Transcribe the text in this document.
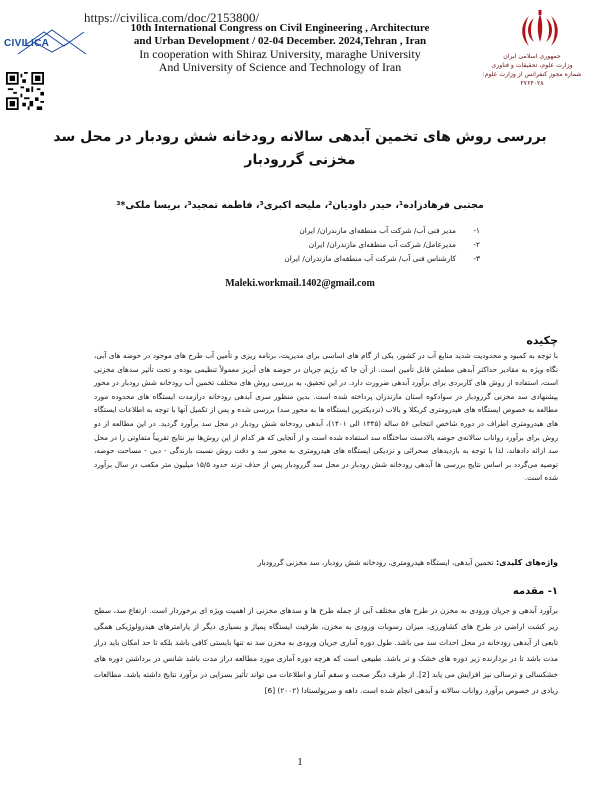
https://civilica.com/doc/2153800/
CIVILICA
10th International Congress on Civil Engineering , Architecture
and Urban Development / 02-04 December. 2024,Tehran , Iran
In cooperation with Shiraz University, maraghe University
And University of Science and Technology of Iran
جمهوری اسلامی ایران
وزارت علوم، تحقیقات و فناوری
شماره مجوز کنفرانس از وزارت علوم: ۲۷۶۴۰۲۸
بررسی روش های تخمین آبدهی سالانه رودخانه شش رودبار در محل سد مخزنی گررودبار
مجتبی فرهادزاده¹، حیدر داودیان²، ملیحه اکبری³، فاطمه تمجید³، بریسا ملکی*³
۱-
مدیر فنی آب/ شرکت آب منطقه‌ای مازندران/ ایران
۲-
مدیرعامل/ شرکت آب منطقه‌ای مازندران/ ایران
۳-
کارشناس فنی آب/ شرکت آب منطقه‌ای مازندران/ ایران
Maleki.workmail.1402@gmail.com
چکیده
با توجه به کمبود و محدودیت شدید منابع آب در کشور، یکی از گام های اساسی برای مدیریت، برنامه ریزی و تأمین آب طرح های موجود در حوضه های آبی، نگاه ویژه به مقادیر حداکثر آبدهی مطمئن قابل تأمین است. از آن جا که رژیم جریان در حوضه های آبریز معمولاً تنظیمی بوده و تحت تأثیر سدهای مخزنی است، استفاده از روش های کاربردی برای برآورد آبدهی ضرورت دارد. در این تحقیق، به بررسی روش های مختلف تخمین آب رودخانه شش رودبار در محور پیشنهادی سد مخزنی گررودبار در سوادکوه استان مازندران پرداخته شده است. بدین منظور سری آبدهی رودخانه درازمدت ایستگاه های محدوده مورد مطالعه به خصوص ایستگاه های هیدرومتری کربکلا و بالاب (نزدیکترین ایستگاه ها به محور سد) بررسی شده و پس از تکمیل آنها با توجه به اطلاعات ایستگاه های هیدرومتری اطراف در دوره شاخص انتخابی ۵۶ ساله (۱۳۴۵ الی ۱۴۰۱)، آبدهی رودخانه شش رودبار در محل سد برآورد گردید. در این مطالعه از دو روش برای برآورد رواناب سالانه‌ی حوضه بالادست ساختگاه سد استفاده شده است و از آنجایی که هر کدام از این روش‌ها نیز نتایج تقریباً متفاوتی را در محل سد ارائه دادهاند، لذا با توجه به بازدیدهای صحرائی و نزدیکی ایستگاه های هیدرومتری به محور سد و دقت روش نسبت بارندگی - دبی - مساحت حوضه، توصیه می‌گردد بر اساس نتایج بررسی ها آبدهی رودخانه شش رودبار در محل سد گررودبار پس از حذف ترند حدود ۱۵/۵ میلیون متر مکعب در سال برآورد شده است.
واژه‌های کلیدی: تخمین آبدهی، ایستگاه هیدرومتری، رودخانه شش رودبار، سد مخزنی گررودبار
۱- مقدمه
برآورد آبدهی و جریان ورودی به مخزن در طرح های مختلف آبی از جمله طرح ها و سدهای مخزنی از اهمیت ویژه ای برخوردار است. ارتفاع سد، سطح زیر کشت اراضی در طرح های کشاورزی، میزان رسوبات ورودی به مخزن، ظرفیت ایستگاه پمپاژ و بسیاری دیگر از پارامترهای هیدرولوژیکی همگی تابعی از آبدهی رودخانه در محل احداث سد می باشد. طول دوره آماری جریان ورودی به مخزن سد نه تنها بایستی کافی باشد بلکه تا حد امکان باید دراز مدت باشد تا در بردارنده زیر دوره های خشک و تر باشد. طبیعی است که هرچه دوره آماری مورد مطالعه دراز مدت باشد شانس در برداشتن دوره های خشکسالی و ترسالی نیز افزایش می یابد [2]. از طرف دیگر صحت و سقم آمار و اطلاعات می تواند تأثیر بسزایی در برآورد نتایج داشته باشد. مطالعات زیادی در خصوص برآورد رواناب سالانه و آبدهی انجام شده است. داهه و سرپولستادا (۲۰۰۲) [6]
1
